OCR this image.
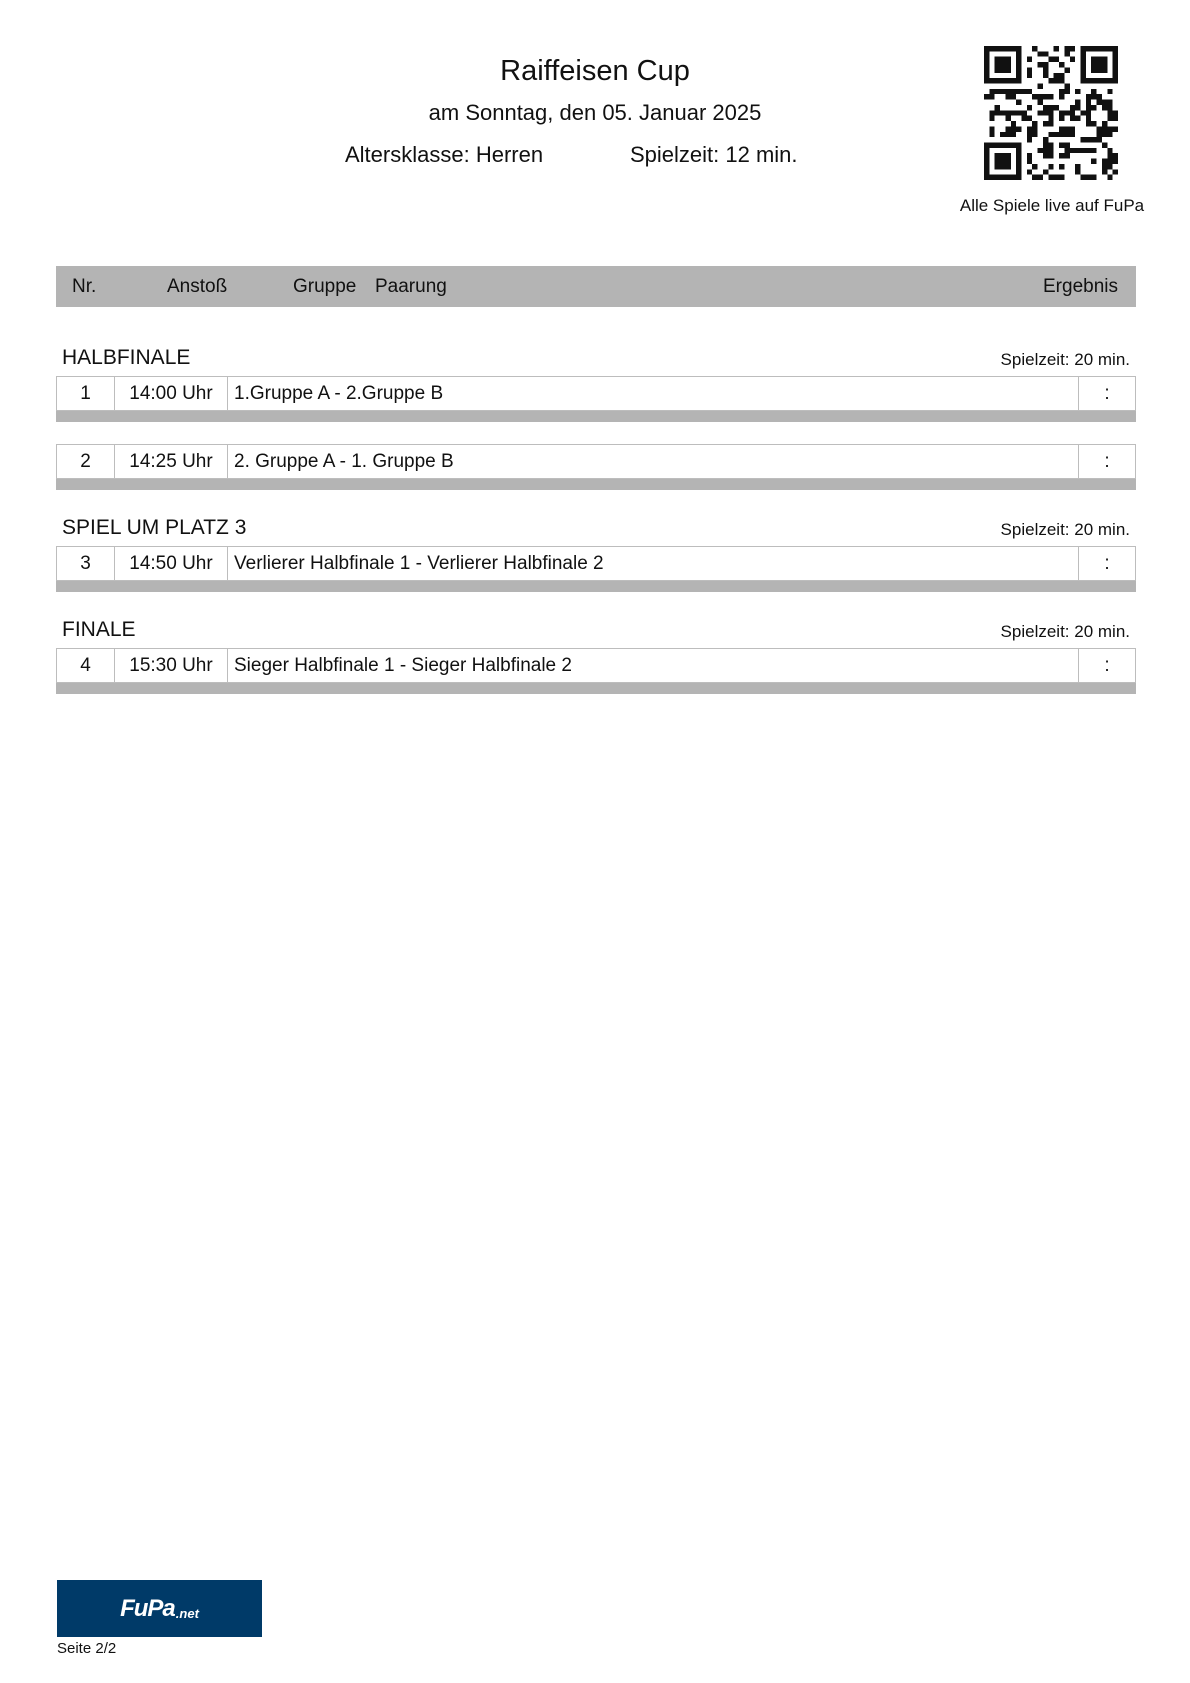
Raiffeisen Cup
am Sonntag, den 05. Januar 2025
Altersklasse: Herren	Spielzeit: 12 min.
Alle Spiele live auf FuPa
Nr.	Anstoß	Gruppe Paarung	Ergebnis
HALBFINALE	Spielzeit: 20 min.
1	14:00 Uhr	1.Gruppe A - 2.Gruppe B	:
2	14:25 Uhr	2. Gruppe A - 1. Gruppe B	:
SPIEL UM PLATZ 3	Spielzeit: 20 min.
3	14:50 Uhr	Verlierer Halbfinale 1 - Verlierer Halbfinale 2	:
FINALE	Spielzeit: 20 min.
4	15:30 Uhr	Sieger Halbfinale 1 - Sieger Halbfinale 2	:
FuPa .net
Seite 2/2
